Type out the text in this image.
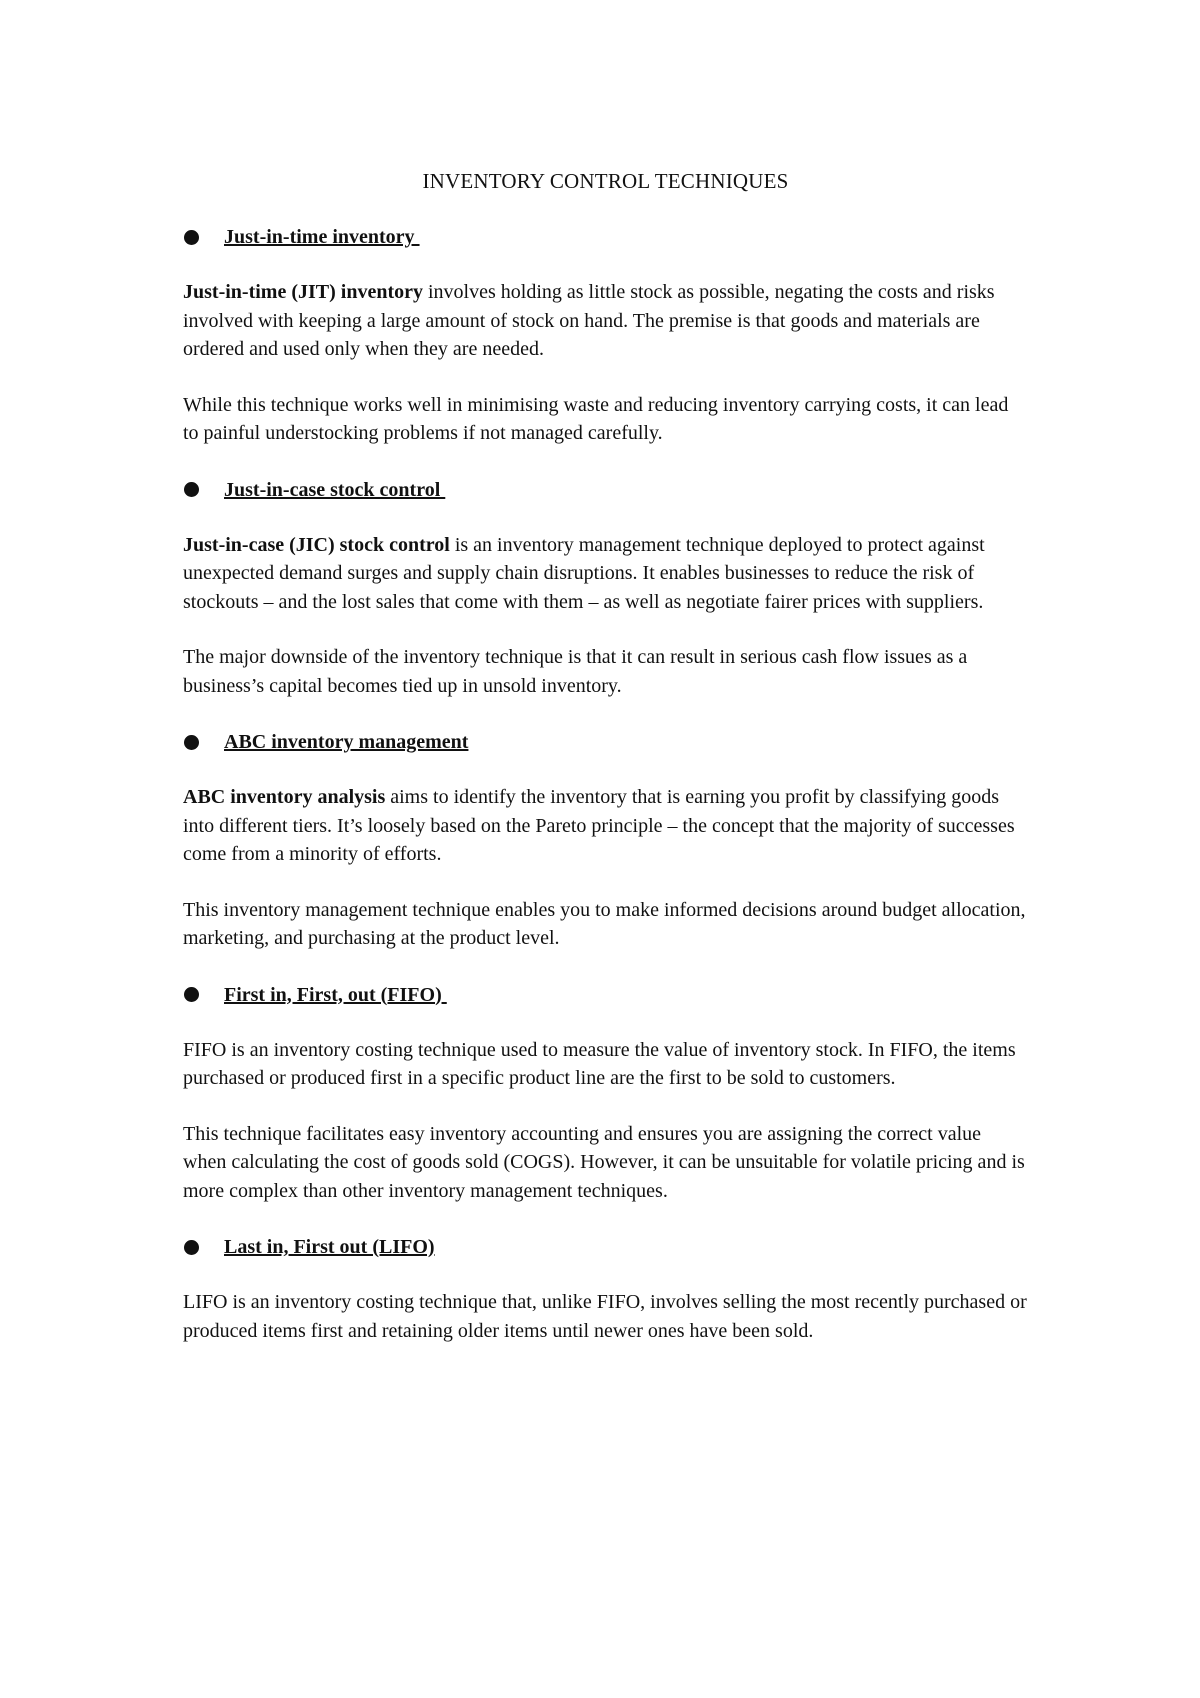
INVENTORY CONTROL TECHNIQUES
Just-in-time inventory

Just-in-time (JIT) inventory involves holding as little stock as possible, negating the costs and risks involved with keeping a large amount of stock on hand. The premise is that goods and materials are ordered and used only when they are needed.

While this technique works well in minimising waste and reducing inventory carrying costs, it can lead to painful understocking problems if not managed carefully.

Just-in-case stock control

Just-in-case (JIC) stock control is an inventory management technique deployed to protect against unexpected demand surges and supply chain disruptions. It enables businesses to reduce the risk of stockouts – and the lost sales that come with them – as well as negotiate fairer prices with suppliers.

The major downside of the inventory technique is that it can result in serious cash flow issues as a business’s capital becomes tied up in unsold inventory.

ABC inventory management

ABC inventory analysis aims to identify the inventory that is earning you profit by classifying goods into different tiers. It’s loosely based on the Pareto principle – the concept that the majority of successes come from a minority of efforts.

This inventory management technique enables you to make informed decisions around budget allocation, marketing, and purchasing at the product level.

First in, First, out (FIFO)

FIFO is an inventory costing technique used to measure the value of inventory stock. In FIFO, the items purchased or produced first in a specific product line are the first to be sold to customers.

This technique facilitates easy inventory accounting and ensures you are assigning the correct value when calculating the cost of goods sold (COGS). However, it can be unsuitable for volatile pricing and is more complex than other inventory management techniques.

Last in, First out (LIFO)

LIFO is an inventory costing technique that, unlike FIFO, involves selling the most recently purchased or produced items first and retaining older items until newer ones have been sold.
